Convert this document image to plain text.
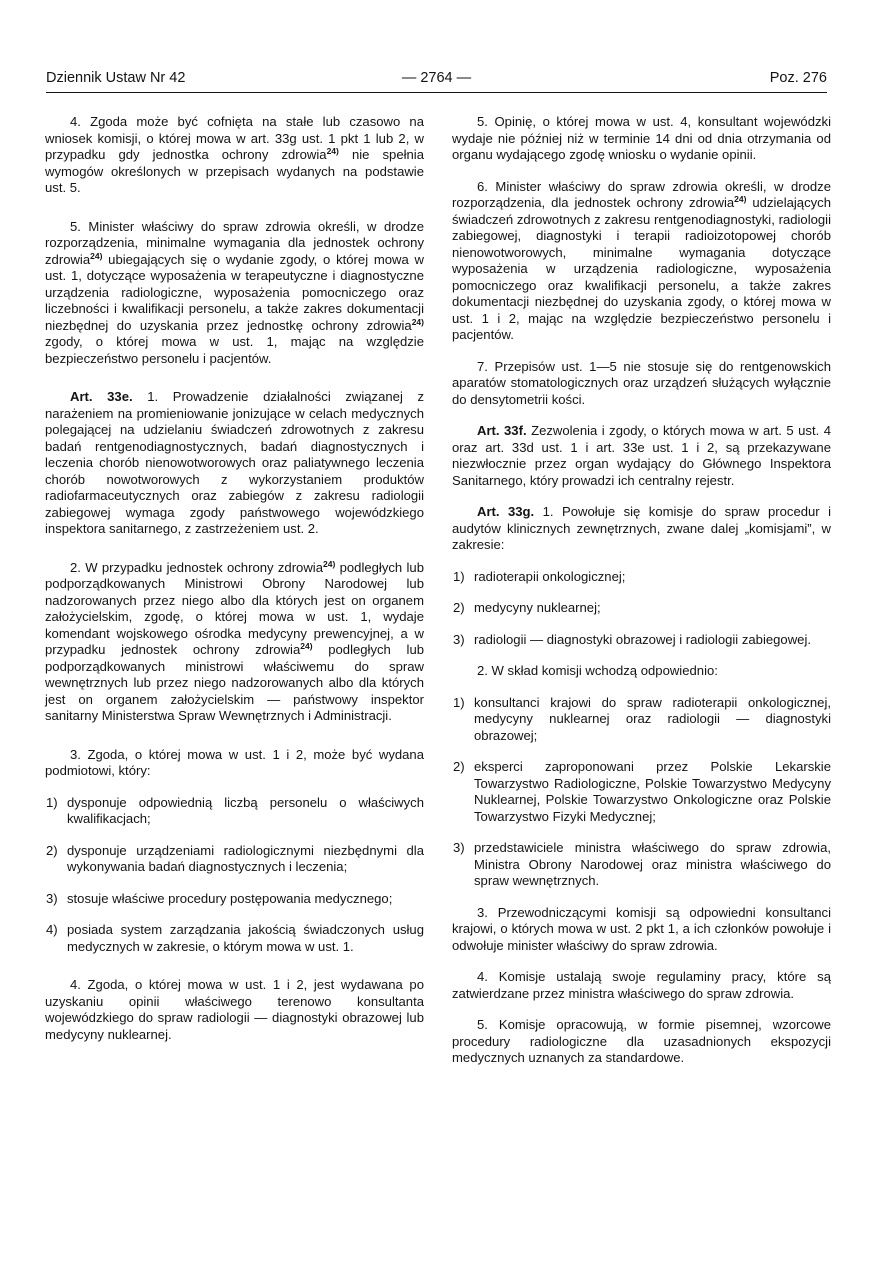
Dziennik Ustaw Nr 42	— 2764 —	Poz. 276

4. Zgoda może być cofnięta na stałe lub czasowo na wniosek komisji, o której mowa w art. 33g ust. 1 pkt 1 lub 2, w przypadku gdy jednostka ochrony zdrowia$^{24)}$ nie spełnia wymogów określonych w przepisach wydanych na podstawie ust. 5.

5. Minister właściwy do spraw zdrowia określi, w drodze rozporządzenia, minimalne wymagania dla jednostek ochrony zdrowia$^{24)}$ ubiegających się o wydanie zgody, o której mowa w ust. 1, dotyczące wyposażenia w terapeutyczne i diagnostyczne urządzenia radiologiczne, wyposażenia pomocniczego oraz liczebności i kwalifikacji personelu, a także zakres dokumentacji niezbędnej do uzyskania przez jednostkę ochrony zdrowia$^{24)}$ zgody, o której mowa w ust. 1, mając na względzie bezpieczeństwo personelu i pacjentów.

Art. 33e. 1. Prowadzenie działalności związanej z narażeniem na promieniowanie jonizujące w celach medycznych polegającej na udzielaniu świadczeń zdrowotnych z zakresu badań rentgenodiagnostycznych, badań diagnostycznych i leczenia chorób nienowotworowych oraz paliatywnego leczenia chorób nowotworowych z wykorzystaniem produktów radiofarmaceutycznych oraz zabiegów z zakresu radiologii zabiegowej wymaga zgody państwowego wojewódzkiego inspektora sanitarnego, z zastrzeżeniem ust. 2.

2. W przypadku jednostek ochrony zdrowia$^{24)}$ podległych lub podporządkowanych Ministrowi Obrony Narodowej lub nadzorowanych przez niego albo dla których jest on organem założycielskim, zgodę, o której mowa w ust. 1, wydaje komendant wojskowego ośrodka medycyny prewencyjnej, a w przypadku jednostek ochrony zdrowia$^{24)}$ podległych lub podporządkowanych ministrowi właściwemu do spraw wewnętrznych lub przez niego nadzorowanych albo dla których jest on organem założycielskim — państwowy inspektor sanitarny Ministerstwa Spraw Wewnętrznych i Administracji.

3. Zgoda, o której mowa w ust. 1 i 2, może być wydana podmiotowi, który:

1) dysponuje odpowiednią liczbą personelu o właściwych kwalifikacjach;

2) dysponuje urządzeniami radiologicznymi niezbędnymi dla wykonywania badań diagnostycznych i leczenia;

3) stosuje właściwe procedury postępowania medycznego;

4) posiada system zarządzania jakością świadczonych usług medycznych w zakresie, o którym mowa w ust. 1.

4. Zgoda, o której mowa w ust. 1 i 2, jest wydawana po uzyskaniu opinii właściwego terenowo konsultanta wojewódzkiego do spraw radiologii — diagnostyki obrazowej lub medycyny nuklearnej.

5. Opinię, o której mowa w ust. 4, konsultant wojewódzki wydaje nie później niż w terminie 14 dni od dnia otrzymania od organu wydającego zgodę wniosku o wydanie opinii.

6. Minister właściwy do spraw zdrowia określi, w drodze rozporządzenia, dla jednostek ochrony zdrowia$^{24)}$ udzielających świadczeń zdrowotnych z zakresu rentgenodiagnostyki, radiologii zabiegowej, diagnostyki i terapii radioizotopowej chorób nienowotworowych, minimalne wymagania dotyczące wyposażenia w urządzenia radiologiczne, wyposażenia pomocniczego oraz kwalifikacji personelu, a także zakres dokumentacji niezbędnej do uzyskania zgody, o której mowa w ust. 1 i 2, mając na względzie bezpieczeństwo personelu i pacjentów.

7. Przepisów ust. 1—5 nie stosuje się do rentgenowskich aparatów stomatologicznych oraz urządzeń służących wyłącznie do densytometrii kości.

Art. 33f. Zezwolenia i zgody, o których mowa w art. 5 ust. 4 oraz art. 33d ust. 1 i art. 33e ust. 1 i 2, są przekazywane niezwłocznie przez organ wydający do Głównego Inspektora Sanitarnego, który prowadzi ich centralny rejestr.

Art. 33g. 1. Powołuje się komisje do spraw procedur i audytów klinicznych zewnętrznych, zwane dalej „komisjami”, w zakresie:

1) radioterapii onkologicznej;

2) medycyny nuklearnej;

3) radiologii — diagnostyki obrazowej i radiologii zabiegowej.

2. W skład komisji wchodzą odpowiednio:

1) konsultanci krajowi do spraw radioterapii onkologicznej, medycyny nuklearnej oraz radiologii — diagnostyki obrazowej;

2) eksperci zaproponowani przez Polskie Lekarskie Towarzystwo Radiologiczne, Polskie Towarzystwo Medycyny Nuklearnej, Polskie Towarzystwo Onkologiczne oraz Polskie Towarzystwo Fizyki Medycznej;

3) przedstawiciele ministra właściwego do spraw zdrowia, Ministra Obrony Narodowej oraz ministra właściwego do spraw wewnętrznych.

3. Przewodniczącymi komisji są odpowiedni konsultanci krajowi, o których mowa w ust. 2 pkt 1, a ich członków powołuje i odwołuje minister właściwy do spraw zdrowia.

4. Komisje ustalają swoje regulaminy pracy, które są zatwierdzane przez ministra właściwego do spraw zdrowia.

5. Komisje opracowują, w formie pisemnej, wzorcowe procedury radiologiczne dla uzasadnionych ekspozycji medycznych uznanych za standardowe.
